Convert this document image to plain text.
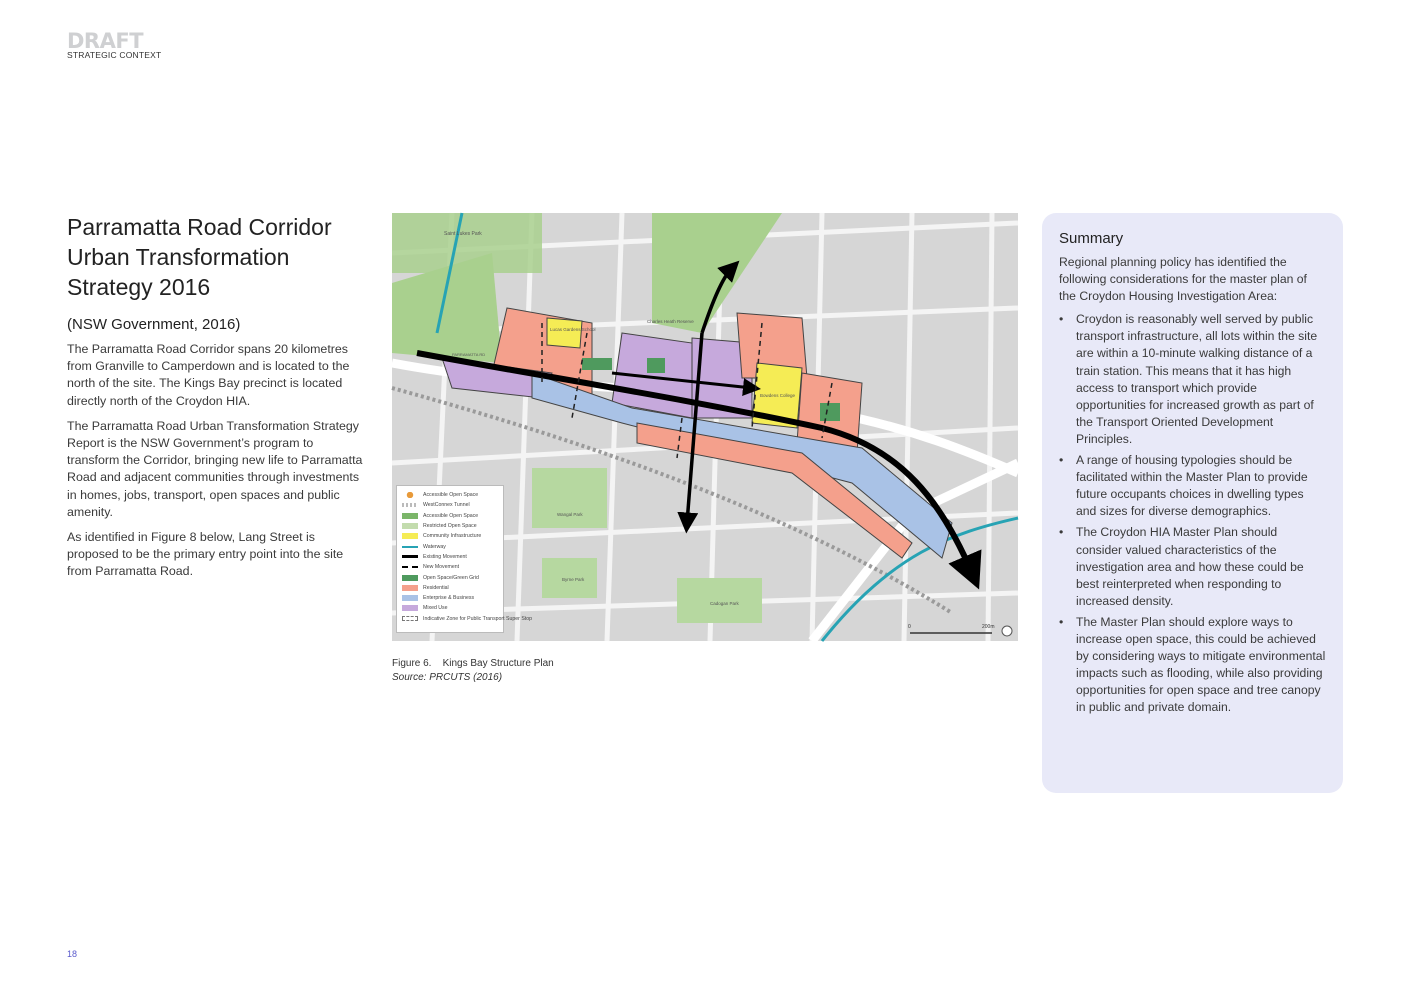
DRAFT
STRATEGIC CONTEXT
Parramatta Road Corridor
Urban Transformation
Strategy 2016
(NSW Government, 2016)

The Parramatta Road Corridor spans 20 kilometres from Granville to Camperdown and is located to the north of the site. The Kings Bay precinct is located directly north of the Croydon HIA.

The Parramatta Road Urban Transformation Strategy Report is the NSW Government’s program to transform the Corridor, bringing new life to Parramatta Road and adjacent communities through investments in homes, jobs, transport, open spaces and public amenity.

As identified in Figure 8 below, Lang Street is proposed to be the primary entry point into the site from Parramatta Road.

Saint Lukes Park
Lucas Gardens School
Charles Heath Reserve
Bowdens College
Wangal Park
Byrne Park
Cadogan Park
PARRAMATTA RD
0	200m
Accessible Open Space
WestConnex Tunnel
Accessible Open Space
Restricted Open Space
Community Infrastructure
Waterway
Existing Movement
New Movement
Open Space/Green Grid
Residential
Enterprise & Business
Mixed Use
Indicative Zone for Public Transport Super Stop
Figure 6.    Kings Bay Structure Plan
Source: PRCUTS (2016)
Summary

Regional planning policy has identified the following considerations for the master plan of the Croydon Housing Investigation Area:

• Croydon is reasonably well served by public transport infrastructure, all lots within the site are within a 10-minute walking distance of a train station. This means that it has high access to transport which provide opportunities for increased growth as part of the Transport Oriented Development Principles.
• A range of housing typologies should be facilitated within the Master Plan to provide future occupants choices in dwelling types and sizes for diverse demographics.
• The Croydon HIA Master Plan should consider valued characteristics of the investigation area and how these could be best reinterpreted when responding to increased density.
• The Master Plan should explore ways to increase open space, this could be achieved by considering ways to mitigate environmental impacts such as flooding, while also providing opportunities for open space and tree canopy in public and private domain.
18
